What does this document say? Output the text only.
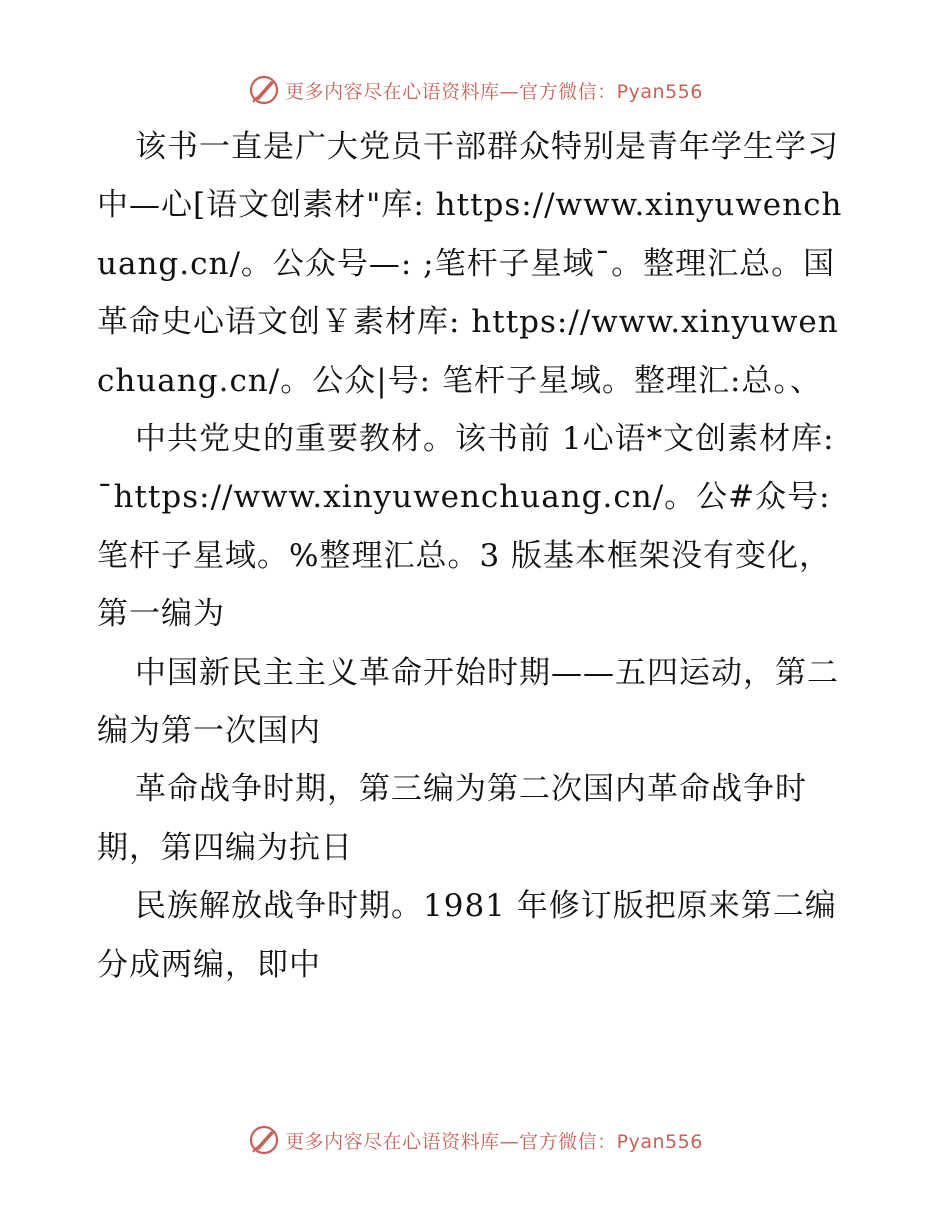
更多内容尽在心语资料库—官方微信：Pyan556

该书一直是广大党员干部群众特别是青年学生学习中—心[语文创素材"库: https://www.xinyuwenchuang.cn/。公众号—: ;笔杆子星域¯。整理汇总。国革命史心语文创￥素材库: https://www.xinyuwenchuang.cn/。公众|号: 笔杆子星域。整理汇:总。、

中共党史的重要教材。该书前 1心语*文创素材库: ¯https://www.xinyuwenchuang.cn/。公#众号: 笔杆子星域。%整理汇总。3 版基本框架没有变化，第一编为

中国新民主主义革命开始时期——五四运动，第二编为第一次国内

革命战争时期，第三编为第二次国内革命战争时期，第四编为抗日

民族解放战争时期。1981 年修订版把原来第二编分成两编，即中

更多内容尽在心语资料库—官方微信：Pyan556
